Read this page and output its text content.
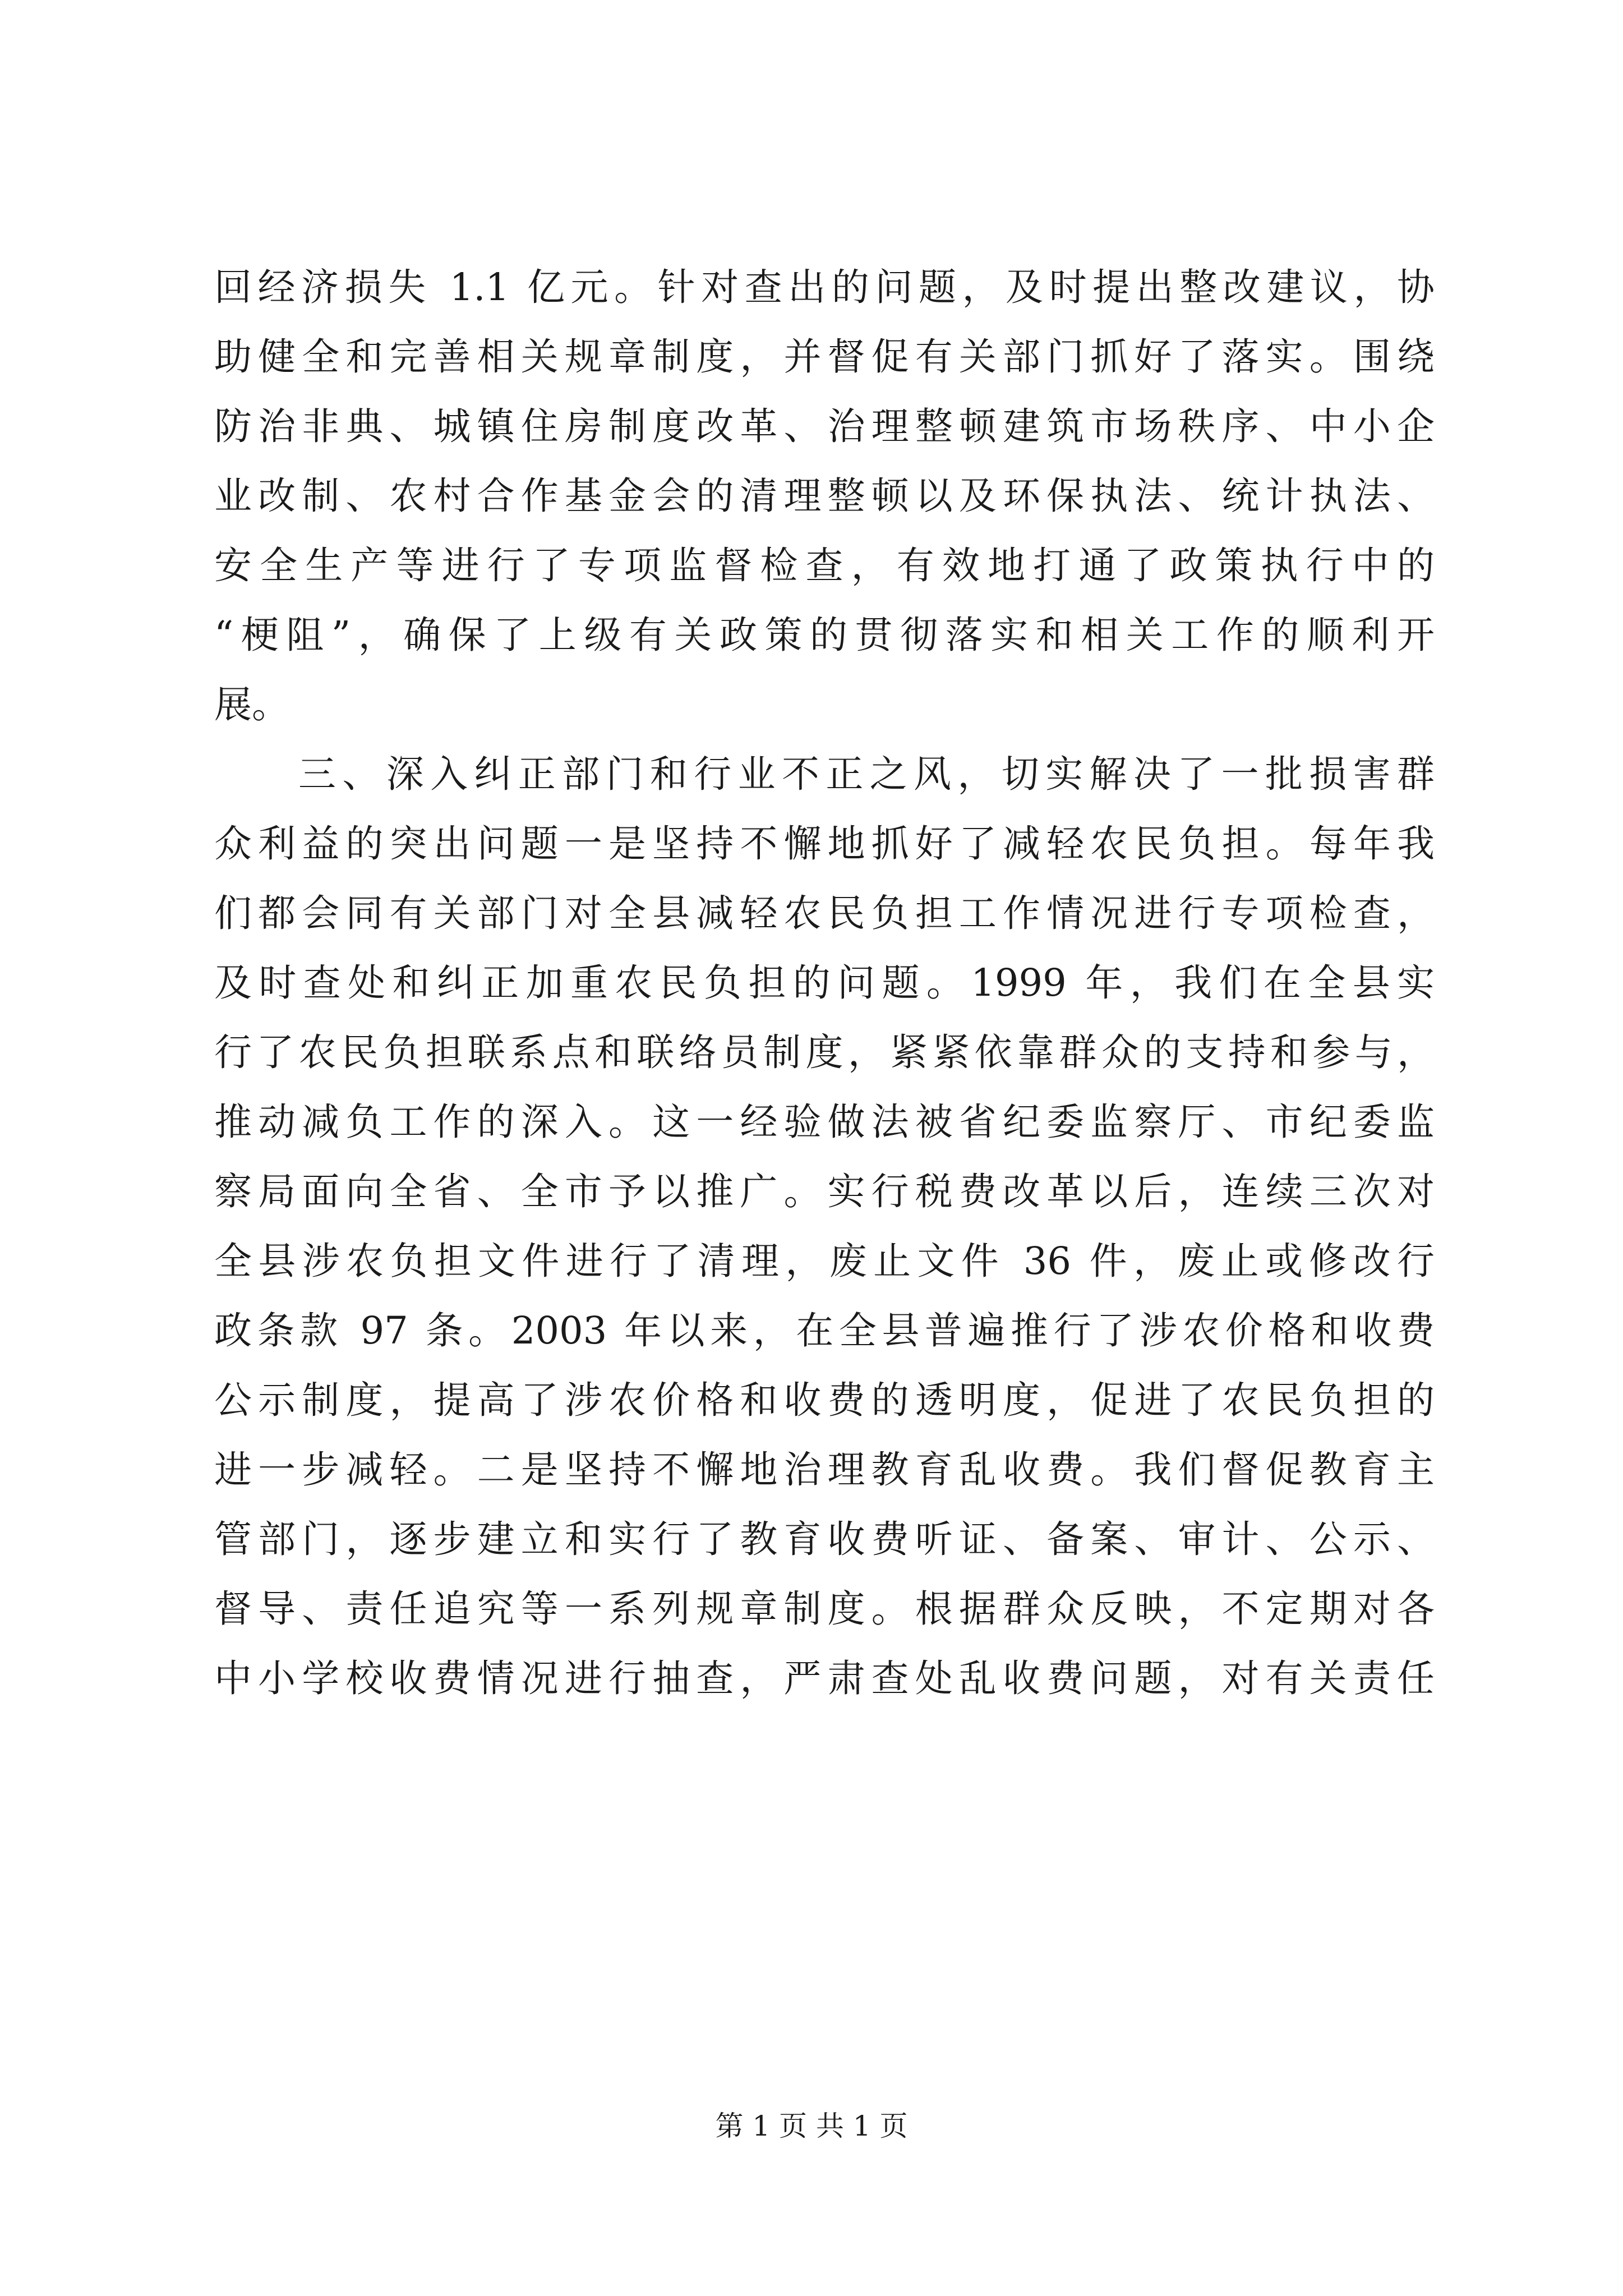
回经济损失 1.1 亿元。针对查出的问题，及时提出整改建议，协
助健全和完善相关规章制度，并督促有关部门抓好了落实。围绕
防治非典、城镇住房制度改革、治理整顿建筑市场秩序、中小企
业改制、农村合作基金会的清理整顿以及环保执法、统计执法、
安全生产等进行了专项监督检查，有效地打通了政策执行中的
“梗阻”，确保了上级有关政策的贯彻落实和相关工作的顺利开
展。
三、深入纠正部门和行业不正之风，切实解决了一批损害群
众利益的突出问题一是坚持不懈地抓好了减轻农民负担。每年我
们都会同有关部门对全县减轻农民负担工作情况进行专项检查，
及时查处和纠正加重农民负担的问题。1999 年，我们在全县实
行了农民负担联系点和联络员制度，紧紧依靠群众的支持和参与，
推动减负工作的深入。这一经验做法被省纪委监察厅、市纪委监
察局面向全省、全市予以推广。实行税费改革以后，连续三次对
全县涉农负担文件进行了清理，废止文件 36 件，废止或修改行
政条款 97 条。2003 年以来，在全县普遍推行了涉农价格和收费
公示制度，提高了涉农价格和收费的透明度，促进了农民负担的
进一步减轻。二是坚持不懈地治理教育乱收费。我们督促教育主
管部门，逐步建立和实行了教育收费听证、备案、审计、公示、
督导、责任追究等一系列规章制度。根据群众反映，不定期对各
中小学校收费情况进行抽查，严肃查处乱收费问题，对有关责任
第 1 页 共 1 页
